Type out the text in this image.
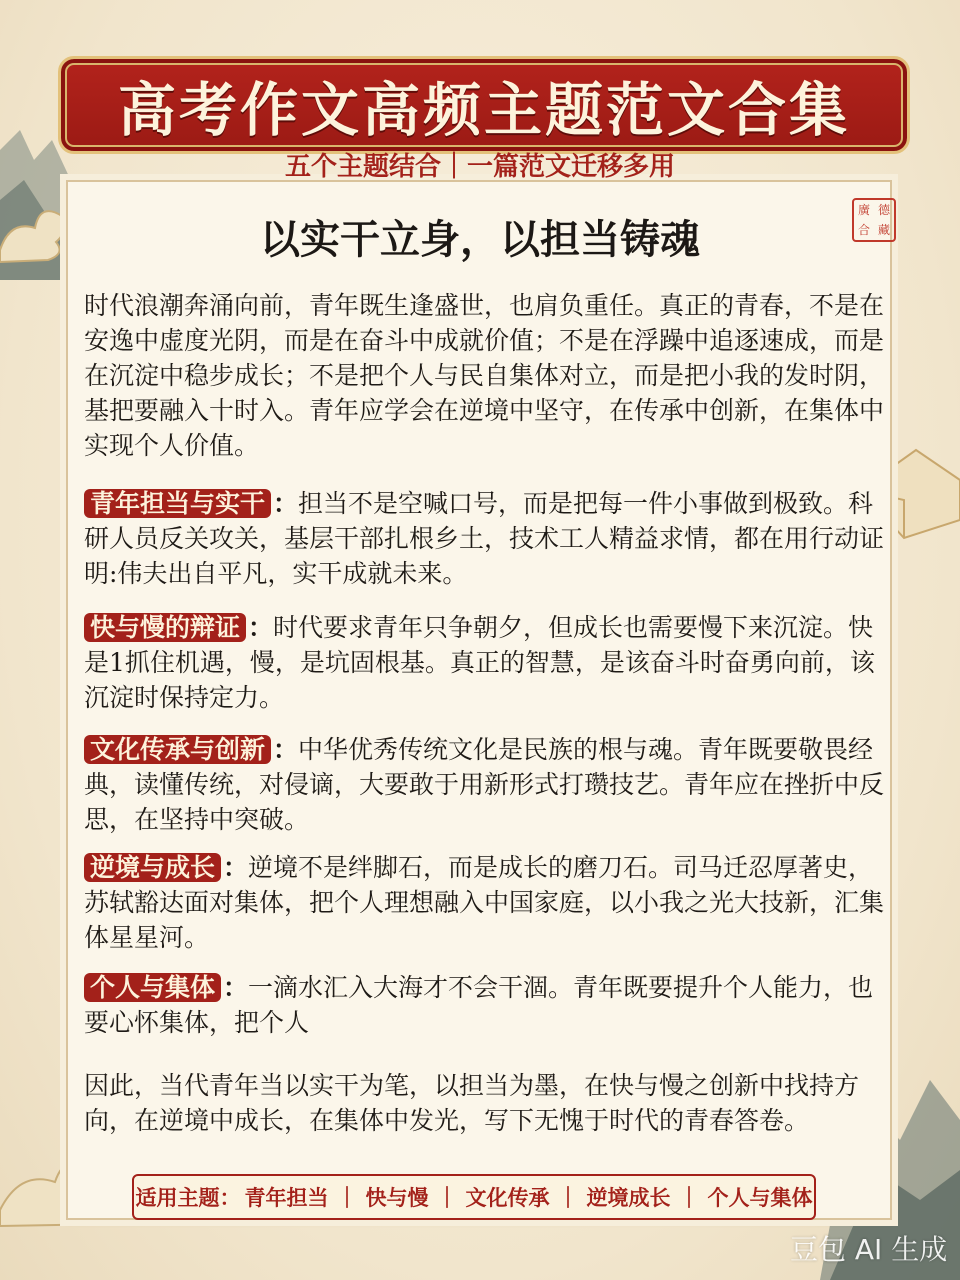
高考作文高频主题范文合集
五个主题结合｜一篇范文迁移多用
廣 德
合 藏
以实干立身，以担当铸魂

时代浪潮奔涌向前，青年既生逢盛世，也肩负重任。真正的青春，不是在安逸中虚度光阴，而是在奋斗中成就价值；不是在浮躁中追逐速成，而是在沉淀中稳步成长；不是把个人与民自集体对立，而是把小我的发时阴，基把要融入十时入。青年应学会在逆境中坚守，在传承中创新，在集体中实现个人价值。

青年担当与实干 ：担当不是空喊口号，而是把每一件小事做到极致。科研人员反关攻关，基层干部扎根乡土，技术工人精益求情，都在用行动证明:伟夫出自平凡，实干成就未来。

快与慢的辩证 ：时代要求青年只争朝夕，但成长也需要慢下来沉淀。快是1抓住机遇，慢，是坑固根基。真正的智慧，是该奋斗时奋勇向前，该沉淀时保持定力。

文化传承与创新 ：中华优秀传统文化是民族的根与魂。青年既要敬畏经典，读懂传统，对侵谪，大要敢于用新形式打瓒技艺。青年应在挫折中反思，在坚持中突破。

逆境与成长 ：逆境不是绊脚石，而是成长的磨刀石。司马迁忍厚著史，苏轼豁达面对集体，把个人理想融入中国家庭，以小我之光大技新，汇集体星星河。

个人与集体 ：一滴水汇入大海才不会干涸。青年既要提升个人能力，也要心怀集体，把个人

因此，当代青年当以实干为笔，以担当为墨，在快与慢之创新中找持方向，在逆境中成长，在集体中发光，写下无愧于时代的青春答卷。

适用主题： 青年担当 ｜ 快与慢 ｜ 文化传承 ｜ 逆境成长 ｜ 个人与集体
豆包 AI 生成
